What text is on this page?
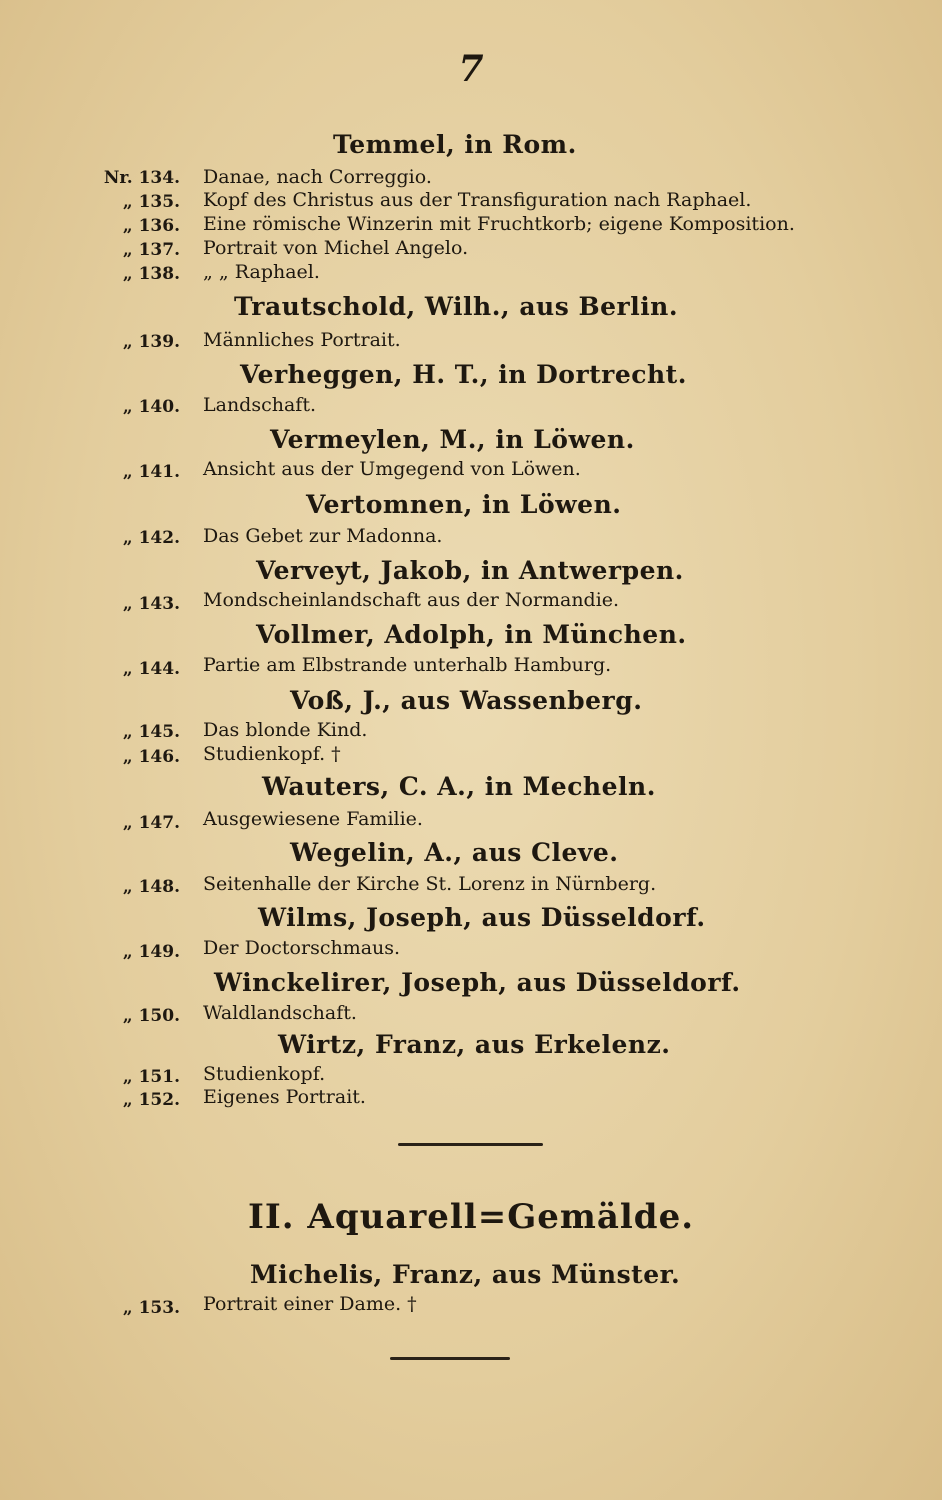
7
Temmel, in Rom.
Nr. 134. Danae, nach Correggio.
„ 135. Kopf des Christus aus der Transfiguration nach Raphael.
„ 136. Eine römische Winzerin mit Fruchtkorb; eigene Komposition.
„ 137. Portrait von Michel Angelo.
„ 138. „ „ Raphael.
Trautschold, Wilh., aus Berlin.
„ 139. Männliches Portrait.
Verheggen, H. T., in Dortrecht.
„ 140. Landschaft.
Vermeylen, M., in Löwen.
„ 141. Ansicht aus der Umgegend von Löwen.
Vertomnen, in Löwen.
„ 142. Das Gebet zur Madonna.
Verveyt, Jakob, in Antwerpen.
„ 143. Mondscheinlandschaft aus der Normandie.
Vollmer, Adolph, in München.
„ 144. Partie am Elbstrande unterhalb Hamburg.
Voß, J., aus Wassenberg.
„ 145. Das blonde Kind.
„ 146. Studienkopf. †
Wauters, C. A., in Mecheln.
„ 147. Ausgewiesene Familie.
Wegelin, A., aus Cleve.
„ 148. Seitenhalle der Kirche St. Lorenz in Nürnberg.
Wilms, Joseph, aus Düsseldorf.
„ 149. Der Doctorschmaus.
Winckelirer, Joseph, aus Düsseldorf.
„ 150. Waldlandschaft.
Wirtz, Franz, aus Erkelenz.
„ 151. Studienkopf.
„ 152. Eigenes Portrait.
II. Aquarell=Gemälde.
Michelis, Franz, aus Münster.
„ 153. Portrait einer Dame. †
